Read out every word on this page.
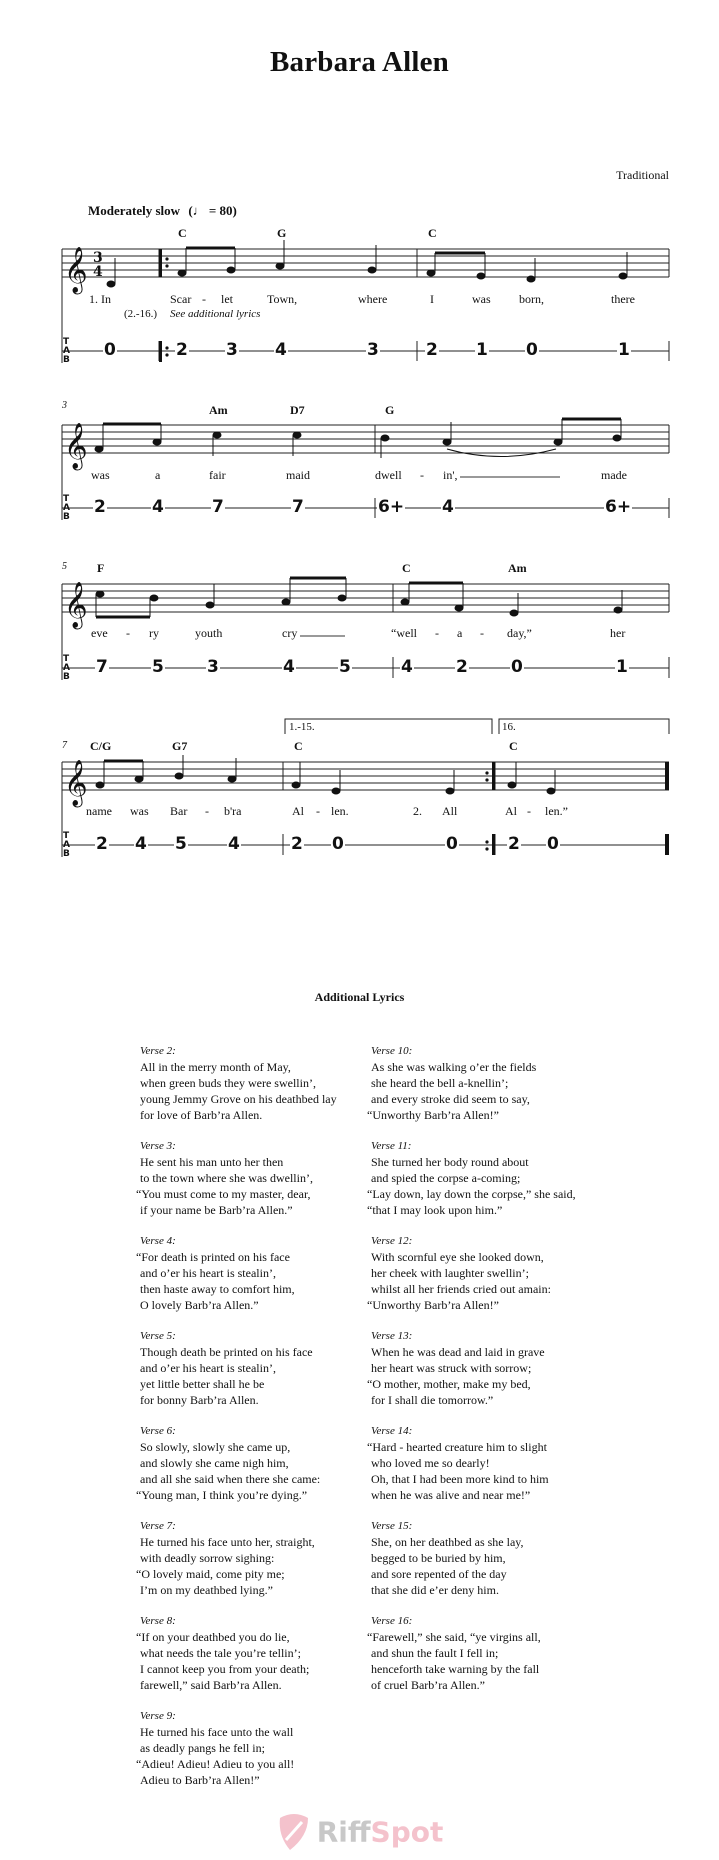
Barbara Allen
Traditional
Moderately slow (♩ = 80)
𝄞
𝄞
𝄞
𝄞
3
4
T
A
B
T
A
B
T
A
B
T
A
B
C	G	C
1. In	Scar - let	Town,	where	I	was born,	there
(2.-16.) See additional lyrics
0	2 3 4	3	2 1 0	1
3	Am	D7	G
was	a	fair	maid	dwell - in',	made
2	4	7	7	6+ 4	6+
5	F	C	Am
eve - ry	youth	cry	“well - a - day,”	her
7	5	3	4	5	4	2	0	1
1.-15.	16.
7 C/G	G7	C	C
name was Bar - b'ra	Al - len.	2. All	Al - len.”
2 4 5 4	2 0	0	2 0
Additional Lyrics
Verse 2:
All in the merry month of May,
when green buds they were swellin’,
young Jemmy Grove on his deathbed lay
for love of Barb’ra Allen.
Verse 3:
He sent his man unto her then
to the town where she was dwellin’,
“You must come to my master, dear,
if your name be Barb’ra Allen.”
Verse 4:
“For death is printed on his face
and o’er his heart is stealin’,
then haste away to comfort him,
O lovely Barb’ra Allen.”
Verse 5:
Though death be printed on his face
and o’er his heart is stealin’,
yet little better shall he be
for bonny Barb’ra Allen.
Verse 6:
So slowly, slowly she came up,
and slowly she came nigh him,
and all she said when there she came:
“Young man, I think you’re dying.”
Verse 7:
He turned his face unto her, straight,
with deadly sorrow sighing:
“O lovely maid, come pity me;
I’m on my deathbed lying.”
Verse 8:
“If on your deathbed you do lie,
what needs the tale you’re tellin’;
I cannot keep you from your death;
farewell,” said Barb’ra Allen.
Verse 9:
He turned his face unto the wall
as deadly pangs he fell in;
“Adieu! Adieu! Adieu to you all!
Adieu to Barb’ra Allen!”
Verse 10:
As she was walking o’er the fields
she heard the bell a-knellin’;
and every stroke did seem to say,
“Unworthy Barb’ra Allen!”
Verse 11:
She turned her body round about
and spied the corpse a-coming;
“Lay down, lay down the corpse,” she said,
“that I may look upon him.”
Verse 12:
With scornful eye she looked down,
her cheek with laughter swellin’;
whilst all her friends cried out amain:
“Unworthy Barb’ra Allen!”
Verse 13:
When he was dead and laid in grave
her heart was struck with sorrow;
“O mother, mother, make my bed,
for I shall die tomorrow.”
Verse 14:
“Hard - hearted creature him to slight
who loved me so dearly!
Oh, that I had been more kind to him
when he was alive and near me!”
Verse 15:
She, on her deathbed as she lay,
begged to be buried by him,
and sore repented of the day
that she did e’er deny him.
Verse 16:
“Farewell,” she said, “ye virgins all,
and shun the fault I fell in;
henceforth take warning by the fall
of cruel Barb’ra Allen.”
RiffSpot
